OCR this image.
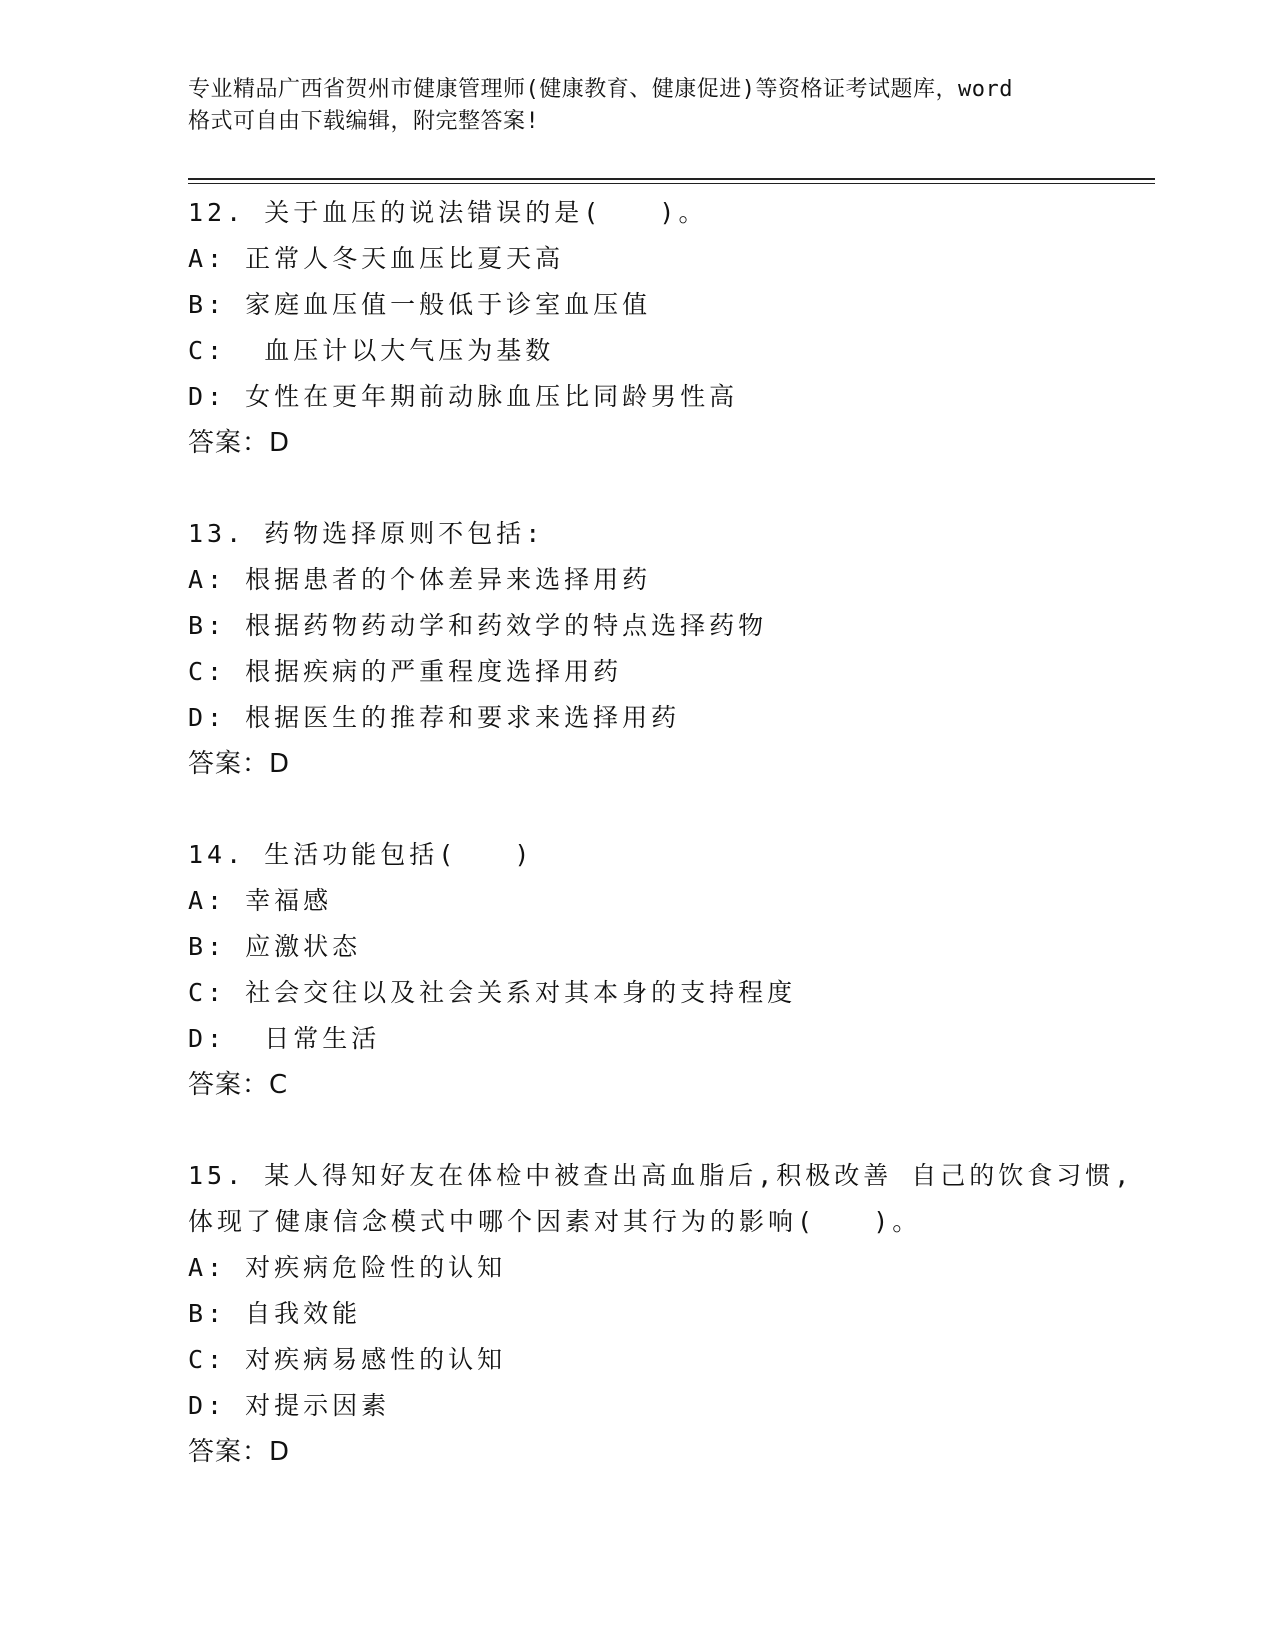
专业精品广西省贺州市健康管理师(健康教育、健康促进)等资格证考试题库，word
格式可自由下载编辑，附完整答案!
12. 关于血压的说法错误的是(   )。
A: 正常人冬天血压比夏天高
B: 家庭血压值一般低于诊室血压值
C:  血压计以大气压为基数
D: 女性在更年期前动脉血压比同龄男性高
答案：D
13. 药物选择原则不包括:
A: 根据患者的个体差异来选择用药
B: 根据药物药动学和药效学的特点选择药物
C: 根据疾病的严重程度选择用药
D: 根据医生的推荐和要求来选择用药
答案：D
14. 生活功能包括(   )
A: 幸福感
B: 应激状态
C: 社会交往以及社会关系对其本身的支持程度
D:  日常生活
答案：C
15. 某人得知好友在体检中被查出高血脂后,积极改善 自己的饮食习惯,体现了健康信念模式中哪个因素对其行为的影响(   )。
A: 对疾病危险性的认知
B: 自我效能
C: 对疾病易感性的认知
D: 对提示因素
答案：D
